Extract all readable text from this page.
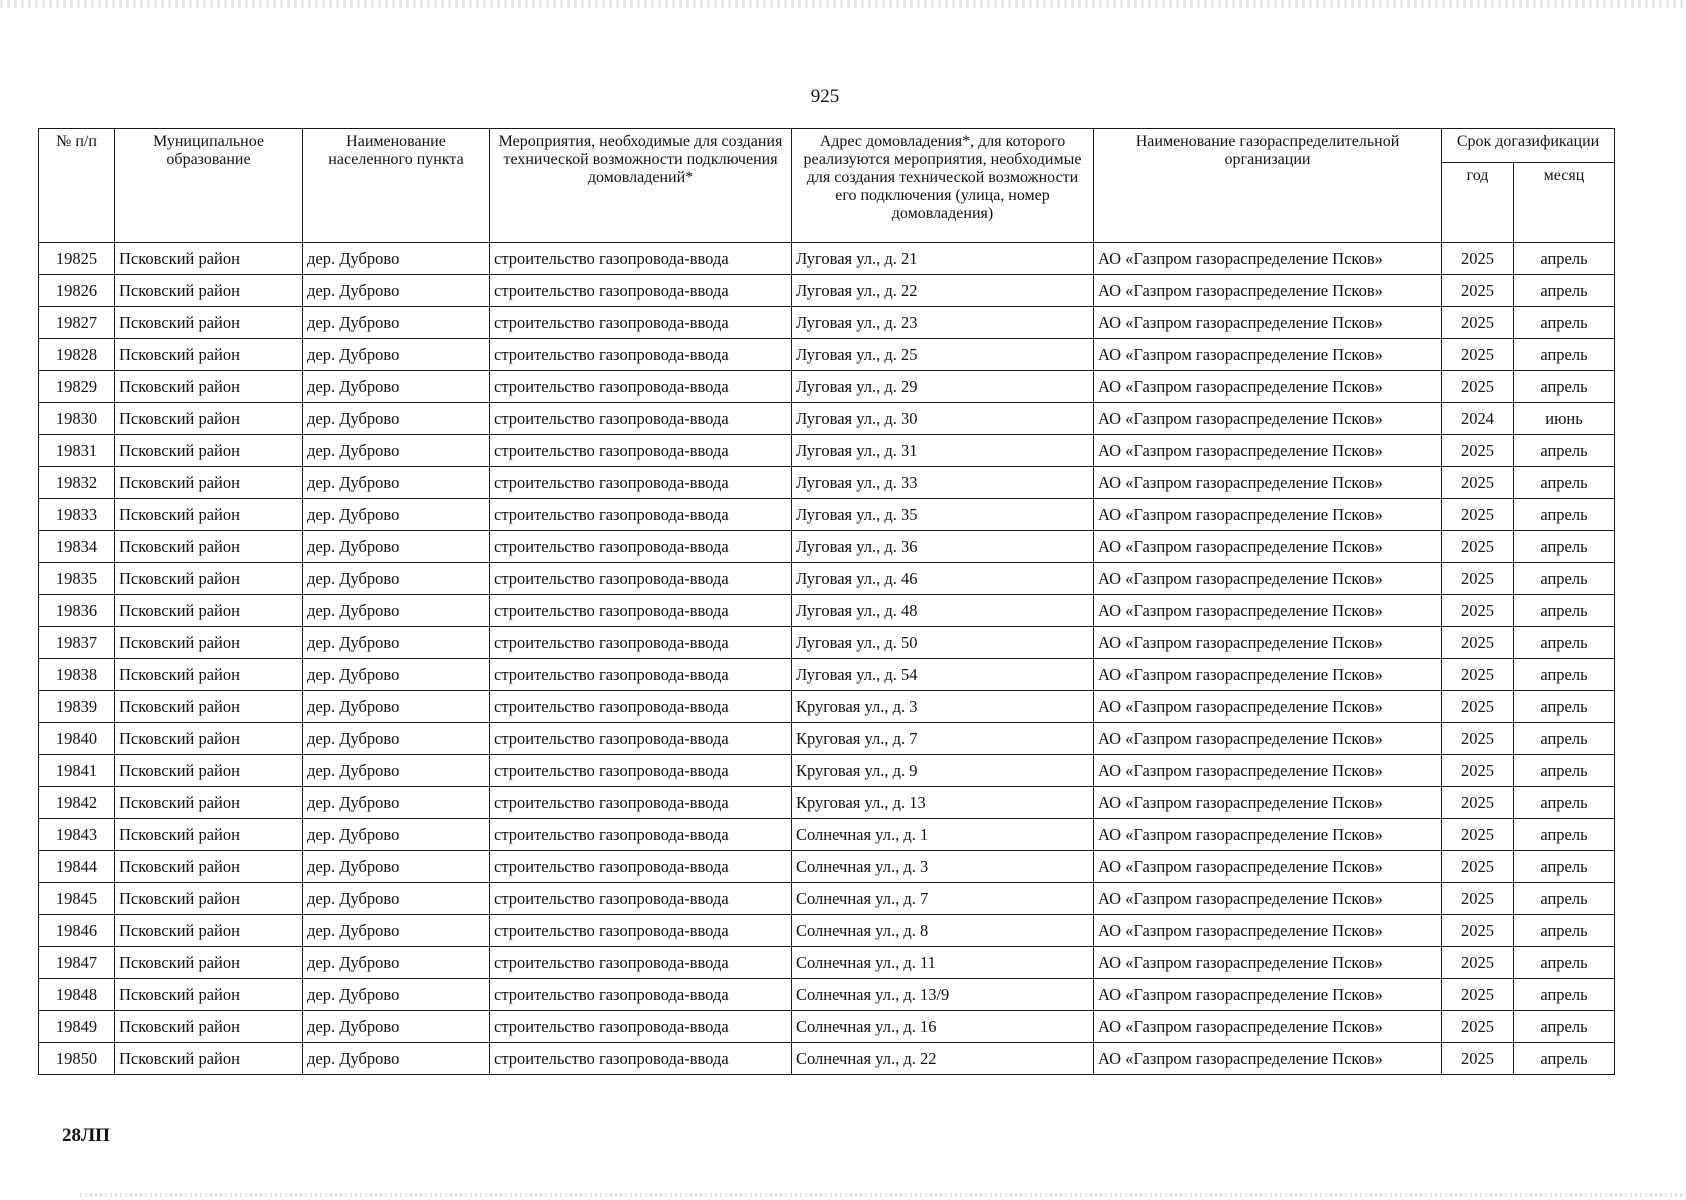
925
№ п/п	Муниципальное образование	Наименование населенного пункта	Мероприятия, необходимые для создания технической возможности подключения домовладений*	Адрес домовладения*, для которого реализуются мероприятия, необходимые для создания технической возможности его подключения (улица, номер домовладения)	Наименование газораспределительной организации	Срок догазификации	
						год	месяц
19825	Псковский район	дер. Дуброво	строительство газопровода-ввода	Луговая ул., д. 21	АО «Газпром газораспределение Псков»	2025	апрель
19826	Псковский район	дер. Дуброво	строительство газопровода-ввода	Луговая ул., д. 22	АО «Газпром газораспределение Псков»	2025	апрель
19827	Псковский район	дер. Дуброво	строительство газопровода-ввода	Луговая ул., д. 23	АО «Газпром газораспределение Псков»	2025	апрель
19828	Псковский район	дер. Дуброво	строительство газопровода-ввода	Луговая ул., д. 25	АО «Газпром газораспределение Псков»	2025	апрель
19829	Псковский район	дер. Дуброво	строительство газопровода-ввода	Луговая ул., д. 29	АО «Газпром газораспределение Псков»	2025	апрель
19830	Псковский район	дер. Дуброво	строительство газопровода-ввода	Луговая ул., д. 30	АО «Газпром газораспределение Псков»	2024	июнь
19831	Псковский район	дер. Дуброво	строительство газопровода-ввода	Луговая ул., д. 31	АО «Газпром газораспределение Псков»	2025	апрель
19832	Псковский район	дер. Дуброво	строительство газопровода-ввода	Луговая ул., д. 33	АО «Газпром газораспределение Псков»	2025	апрель
19833	Псковский район	дер. Дуброво	строительство газопровода-ввода	Луговая ул., д. 35	АО «Газпром газораспределение Псков»	2025	апрель
19834	Псковский район	дер. Дуброво	строительство газопровода-ввода	Луговая ул., д. 36	АО «Газпром газораспределение Псков»	2025	апрель
19835	Псковский район	дер. Дуброво	строительство газопровода-ввода	Луговая ул., д. 46	АО «Газпром газораспределение Псков»	2025	апрель
19836	Псковский район	дер. Дуброво	строительство газопровода-ввода	Луговая ул., д. 48	АО «Газпром газораспределение Псков»	2025	апрель
19837	Псковский район	дер. Дуброво	строительство газопровода-ввода	Луговая ул., д. 50	АО «Газпром газораспределение Псков»	2025	апрель
19838	Псковский район	дер. Дуброво	строительство газопровода-ввода	Луговая ул., д. 54	АО «Газпром газораспределение Псков»	2025	апрель
19839	Псковский район	дер. Дуброво	строительство газопровода-ввода	Круговая ул., д. 3	АО «Газпром газораспределение Псков»	2025	апрель
19840	Псковский район	дер. Дуброво	строительство газопровода-ввода	Круговая ул., д. 7	АО «Газпром газораспределение Псков»	2025	апрель
19841	Псковский район	дер. Дуброво	строительство газопровода-ввода	Круговая ул., д. 9	АО «Газпром газораспределение Псков»	2025	апрель
19842	Псковский район	дер. Дуброво	строительство газопровода-ввода	Круговая ул., д. 13	АО «Газпром газораспределение Псков»	2025	апрель
19843	Псковский район	дер. Дуброво	строительство газопровода-ввода	Солнечная ул., д. 1	АО «Газпром газораспределение Псков»	2025	апрель
19844	Псковский район	дер. Дуброво	строительство газопровода-ввода	Солнечная ул., д. 3	АО «Газпром газораспределение Псков»	2025	апрель
19845	Псковский район	дер. Дуброво	строительство газопровода-ввода	Солнечная ул., д. 7	АО «Газпром газораспределение Псков»	2025	апрель
19846	Псковский район	дер. Дуброво	строительство газопровода-ввода	Солнечная ул., д. 8	АО «Газпром газораспределение Псков»	2025	апрель
19847	Псковский район	дер. Дуброво	строительство газопровода-ввода	Солнечная ул., д. 11	АО «Газпром газораспределение Псков»	2025	апрель
19848	Псковский район	дер. Дуброво	строительство газопровода-ввода	Солнечная ул., д. 13/9	АО «Газпром газораспределение Псков»	2025	апрель
19849	Псковский район	дер. Дуброво	строительство газопровода-ввода	Солнечная ул., д. 16	АО «Газпром газораспределение Псков»	2025	апрель
19850	Псковский район	дер. Дуброво	строительство газопровода-ввода	Солнечная ул., д. 22	АО «Газпром газораспределение Псков»	2025	апрель
28ЛП
